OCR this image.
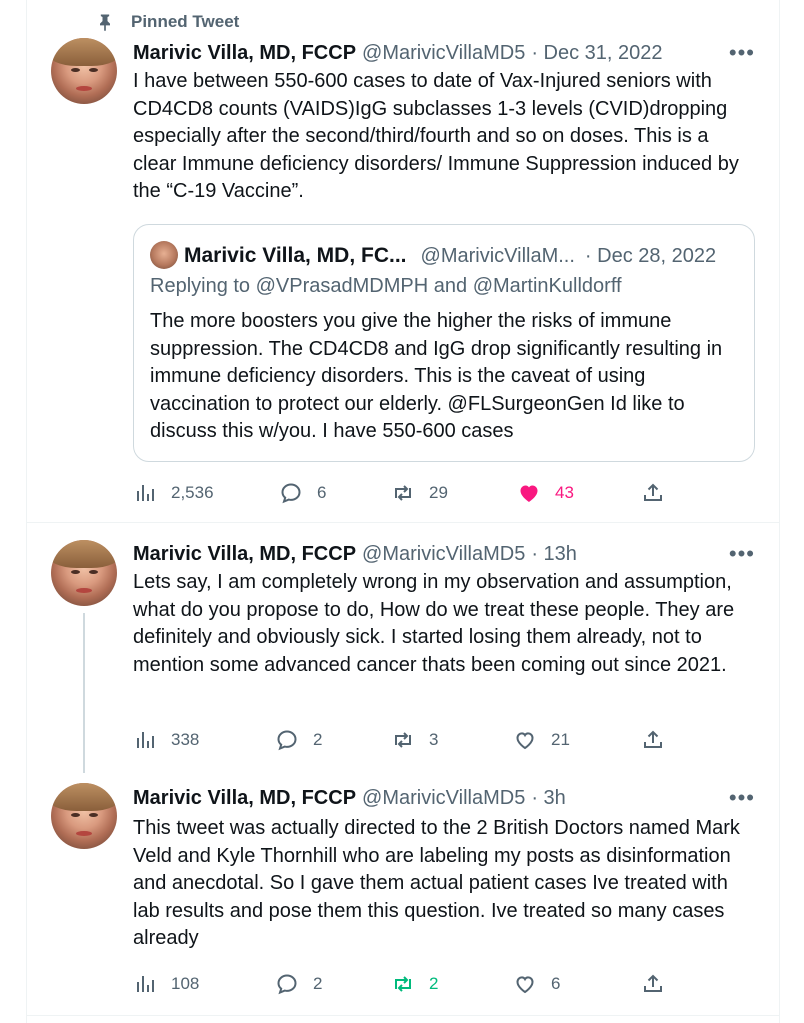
Pinned Tweet
Marivic Villa, MD, FCCP @MarivicVillaMD5 · Dec 31, 2022	•••
I have between 550-600 cases to date of Vax-Injured seniors with CD4CD8 counts (VAIDS)IgG subclasses 1-3 levels (CVID)dropping especially after the second/third/fourth and so on doses. This is a clear Immune deficiency disorders/ Immune Suppression induced by the “C-19 Vaccine”.
Marivic Villa, MD, FC... @MarivicVillaM... · Dec 28, 2022
Replying to @VPrasadMDMPH and @MartinKulldorff
The more boosters you give the higher the risks of immune suppression. The CD4CD8 and IgG drop significantly resulting in immune deficiency disorders. This is the caveat of using vaccination to protect our elderly. @FLSurgeonGen Id like to discuss this w/you. I have 550-600 cases
2,536	6	29	43
Marivic Villa, MD, FCCP @MarivicVillaMD5 · 13h	•••
Lets say, I am completely wrong in my observation and assumption, what do you propose to do, How do we treat these people. They are definitely and obviously sick. I started losing them already, not to mention some advanced cancer thats been coming out since 2021.
338	2	3	21
Marivic Villa, MD, FCCP @MarivicVillaMD5 · 3h	•••
This tweet was actually directed to the 2 British Doctors named Mark Veld and Kyle Thornhill who are labeling my posts as disinformation and anecdotal. So I gave them actual patient cases Ive treated with lab results and pose them this question. Ive treated so many cases already
108	2	2	6
